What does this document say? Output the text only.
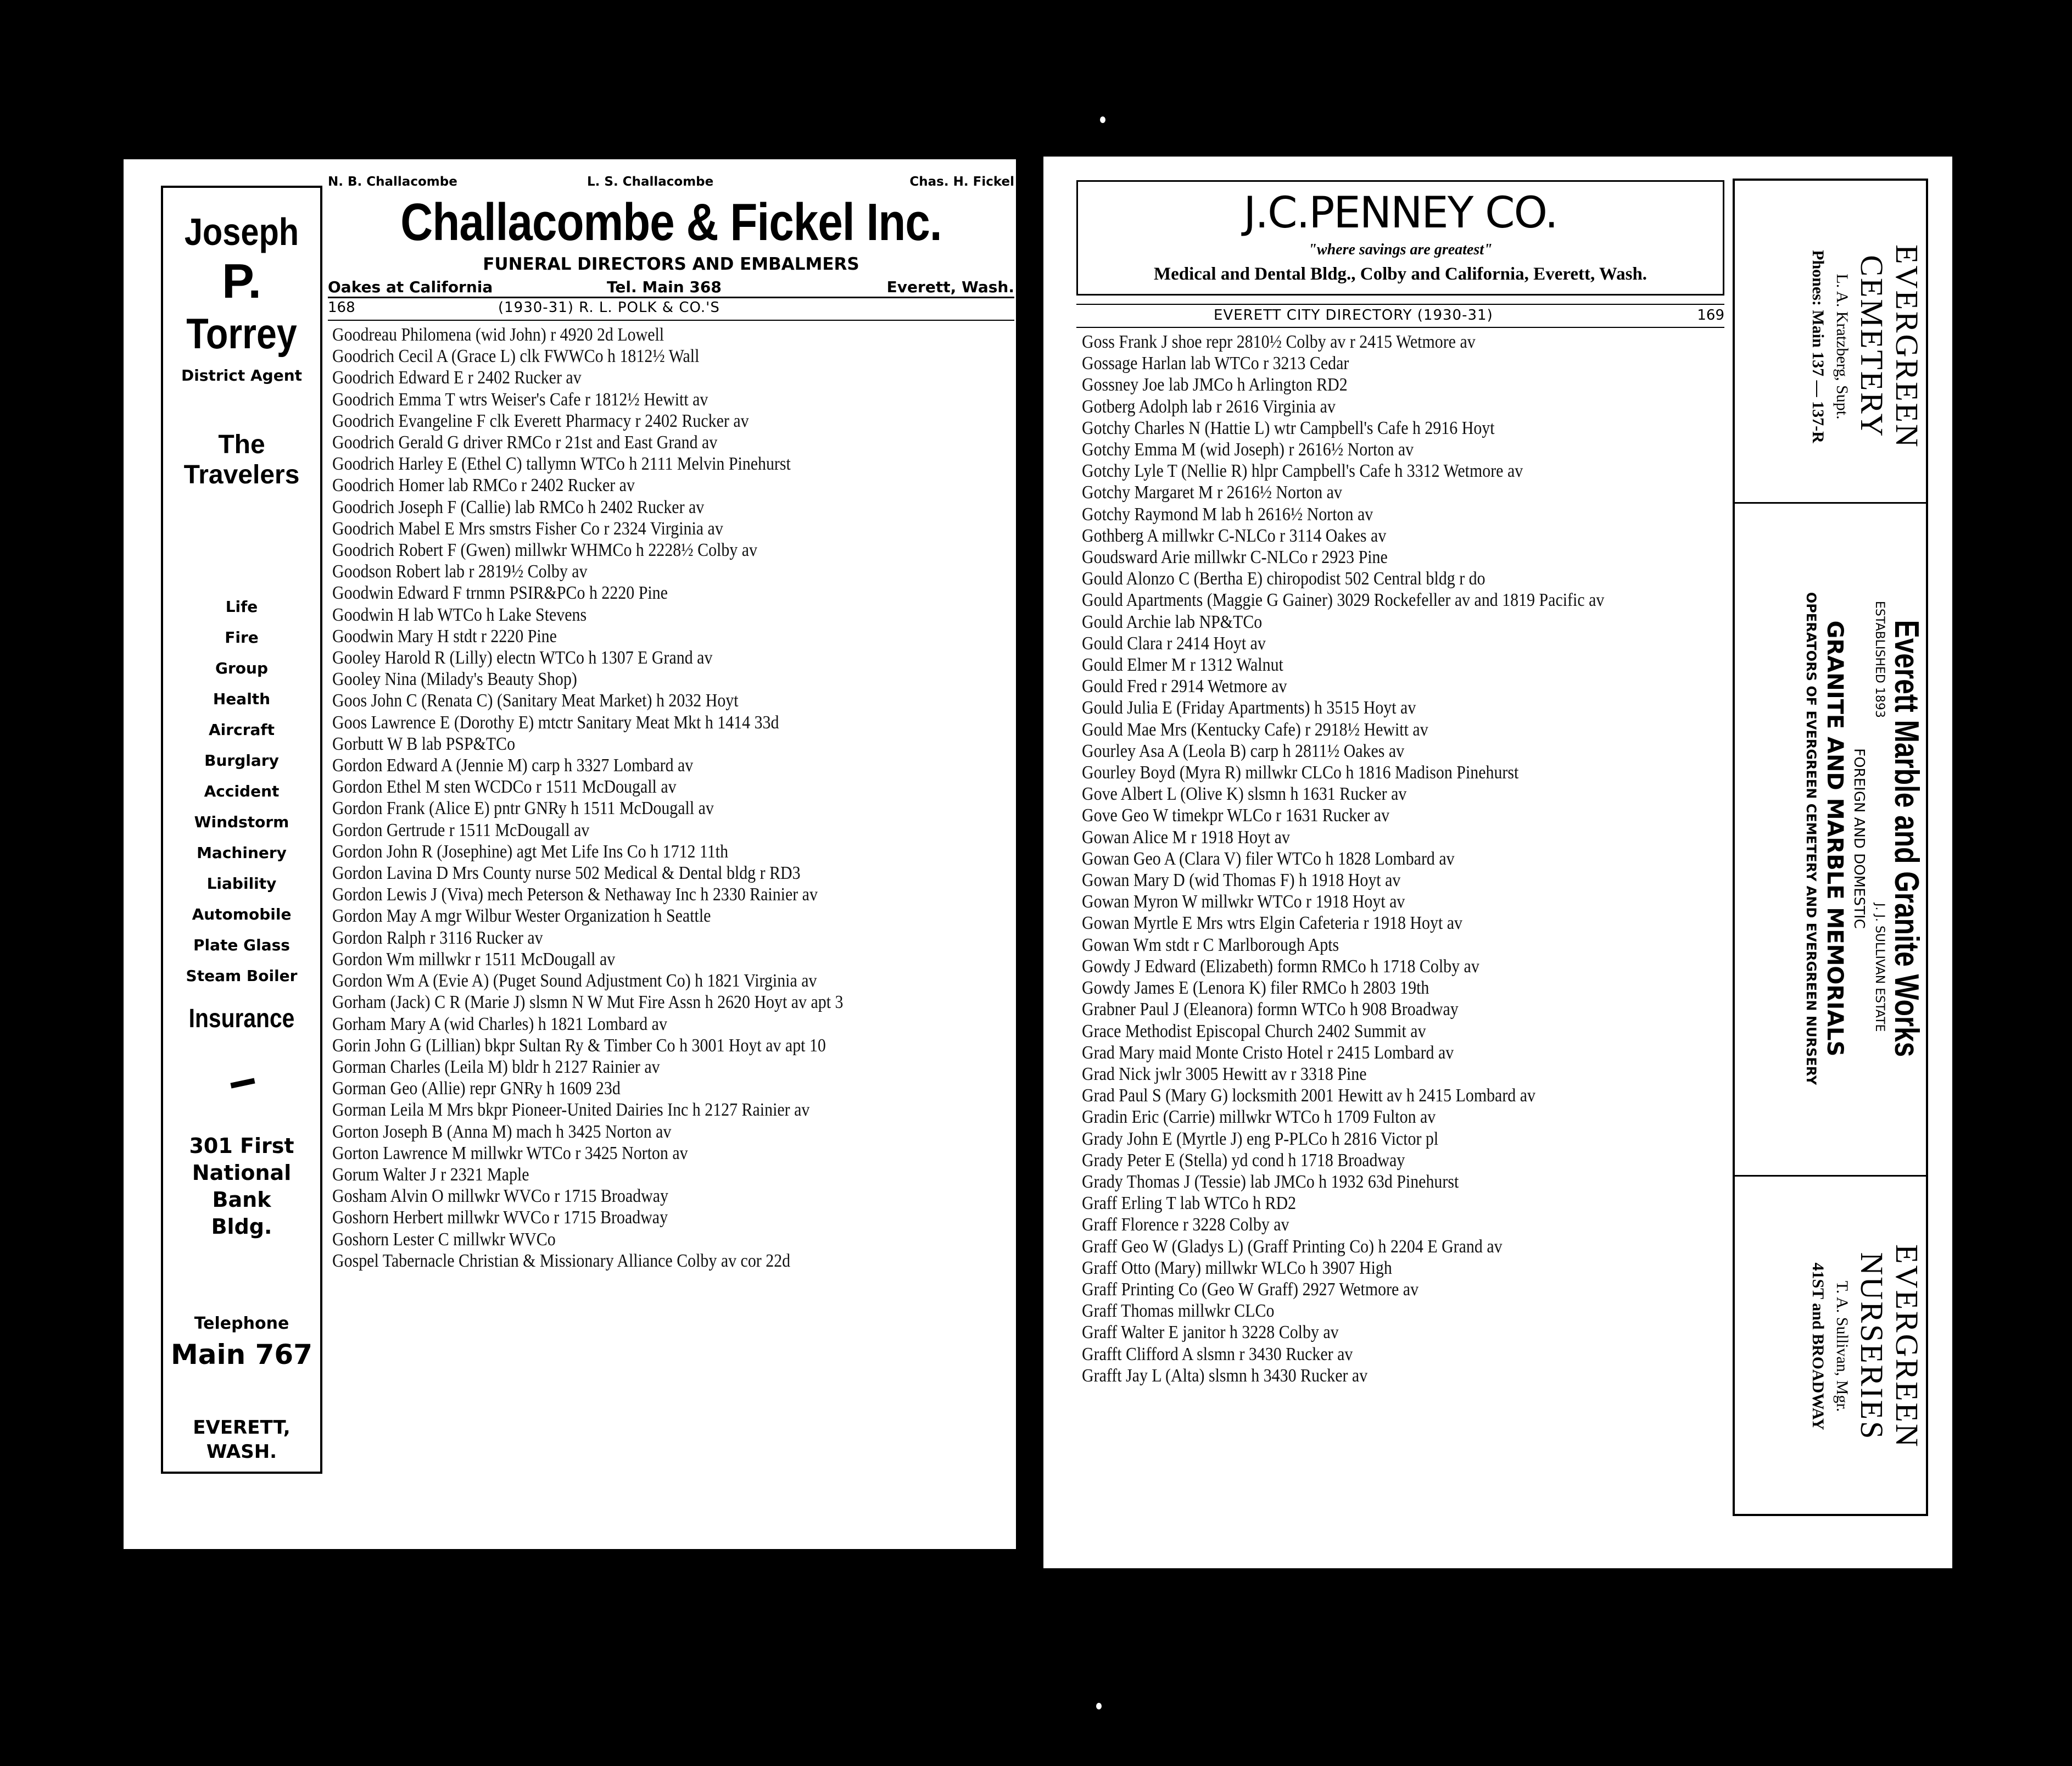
Joseph
P.
Torrey
District Agent
The
Travelers
Life
Fire
Group
Health
Aircraft
Burglary
Accident
Windstorm
Machinery
Liability
Automobile
Plate Glass
Steam Boiler
Insurance
301 First
National
Bank
Bldg.
Telephone
Main 767
EVERETT,
WASH.
N. B. Challacombe	L. S. Challacombe	Chas. H. Fickel
Challacombe & Fickel Inc.
FUNERAL DIRECTORS AND EMBALMERS
Oakes at California	Tel. Main 368	Everett, Wash.
168	(1930-31) R. L. POLK & CO.'S
Goodreau Philomena (wid John) r 4920 2d Lowell
Goodrich Cecil A (Grace L) clk FWWCo h 1812½ Wall
Goodrich Edward E r 2402 Rucker av
Goodrich Emma T wtrs Weiser's Cafe r 1812½ Hewitt av
Goodrich Evangeline F clk Everett Pharmacy r 2402 Rucker av
Goodrich Gerald G driver RMCo r 21st and East Grand av
Goodrich Harley E (Ethel C) tallymn WTCo h 2111 Melvin Pinehurst
Goodrich Homer lab RMCo r 2402 Rucker av
Goodrich Joseph F (Callie) lab RMCo h 2402 Rucker av
Goodrich Mabel E Mrs smstrs Fisher Co r 2324 Virginia av
Goodrich Robert F (Gwen) millwkr WHMCo h 2228½ Colby av
Goodson Robert lab r 2819½ Colby av
Goodwin Edward F trnmn PSIR&PCo h 2220 Pine
Goodwin H lab WTCo h Lake Stevens
Goodwin Mary H stdt r 2220 Pine
Gooley Harold R (Lilly) electn WTCo h 1307 E Grand av
Gooley Nina (Milady's Beauty Shop)
Goos John C (Renata C) (Sanitary Meat Market) h 2032 Hoyt
Goos Lawrence E (Dorothy E) mtctr Sanitary Meat Mkt h 1414 33d
Gorbutt W B lab PSP&TCo
Gordon Edward A (Jennie M) carp h 3327 Lombard av
Gordon Ethel M sten WCDCo r 1511 McDougall av
Gordon Frank (Alice E) pntr GNRy h 1511 McDougall av
Gordon Gertrude r 1511 McDougall av
Gordon John R (Josephine) agt Met Life Ins Co h 1712 11th
Gordon Lavina D Mrs County nurse 502 Medical & Dental bldg r RD3
Gordon Lewis J (Viva) mech Peterson & Nethaway Inc h 2330 Rainier av
Gordon May A mgr Wilbur Wester Organization h Seattle
Gordon Ralph r 3116 Rucker av
Gordon Wm millwkr r 1511 McDougall av
Gordon Wm A (Evie A) (Puget Sound Adjustment Co) h 1821 Virginia av
Gorham (Jack) C R (Marie J) slsmn N W Mut Fire Assn h 2620 Hoyt av apt 3
Gorham Mary A (wid Charles) h 1821 Lombard av
Gorin John G (Lillian) bkpr Sultan Ry & Timber Co h 3001 Hoyt av apt 10
Gorman Charles (Leila M) bldr h 2127 Rainier av
Gorman Geo (Allie) repr GNRy h 1609 23d
Gorman Leila M Mrs bkpr Pioneer-United Dairies Inc h 2127 Rainier av
Gorton Joseph B (Anna M) mach h 3425 Norton av
Gorton Lawrence M millwkr WTCo r 3425 Norton av
Gorum Walter J r 2321 Maple
Gosham Alvin O millwkr WVCo r 1715 Broadway
Goshorn Herbert millwkr WVCo r 1715 Broadway
Goshorn Lester C millwkr WVCo
Gospel Tabernacle Christian & Missionary Alliance Colby av cor 22d
J.C.PENNEY CO.
"where savings are greatest"
Medical and Dental Bldg., Colby and California, Everett, Wash.
EVERETT CITY DIRECTORY (1930-31)	169
Goss Frank J shoe repr 2810½ Colby av r 2415 Wetmore av
Gossage Harlan lab WTCo r 3213 Cedar
Gossney Joe lab JMCo h Arlington RD2
Gotberg Adolph lab r 2616 Virginia av
Gotchy Charles N (Hattie L) wtr Campbell's Cafe h 2916 Hoyt
Gotchy Emma M (wid Joseph) r 2616½ Norton av
Gotchy Lyle T (Nellie R) hlpr Campbell's Cafe h 3312 Wetmore av
Gotchy Margaret M r 2616½ Norton av
Gotchy Raymond M lab h 2616½ Norton av
Gothberg A millwkr C-NLCo r 3114 Oakes av
Goudsward Arie millwkr C-NLCo r 2923 Pine
Gould Alonzo C (Bertha E) chiropodist 502 Central bldg r do
Gould Apartments (Maggie G Gainer) 3029 Rockefeller av and 1819 Pacific av
Gould Archie lab NP&TCo
Gould Clara r 2414 Hoyt av
Gould Elmer M r 1312 Walnut
Gould Fred r 2914 Wetmore av
Gould Julia E (Friday Apartments) h 3515 Hoyt av
Gould Mae Mrs (Kentucky Cafe) r 2918½ Hewitt av
Gourley Asa A (Leola B) carp h 2811½ Oakes av
Gourley Boyd (Myra R) millwkr CLCo h 1816 Madison Pinehurst
Gove Albert L (Olive K) slsmn h 1631 Rucker av
Gove Geo W timekpr WLCo r 1631 Rucker av
Gowan Alice M r 1918 Hoyt av
Gowan Geo A (Clara V) filer WTCo h 1828 Lombard av
Gowan Mary D (wid Thomas F) h 1918 Hoyt av
Gowan Myron W millwkr WTCo r 1918 Hoyt av
Gowan Myrtle E Mrs wtrs Elgin Cafeteria r 1918 Hoyt av
Gowan Wm stdt r C Marlborough Apts
Gowdy J Edward (Elizabeth) formn RMCo h 1718 Colby av
Gowdy James E (Lenora K) filer RMCo h 2803 19th
Grabner Paul J (Eleanora) formn WTCo h 908 Broadway
Grace Methodist Episcopal Church 2402 Summit av
Grad Mary maid Monte Cristo Hotel r 2415 Lombard av
Grad Nick jwlr 3005 Hewitt av r 3318 Pine
Grad Paul S (Mary G) locksmith 2001 Hewitt av h 2415 Lombard av
Gradin Eric (Carrie) millwkr WTCo h 1709 Fulton av
Grady John E (Myrtle J) eng P-PLCo h 2816 Victor pl
Grady Peter E (Stella) yd cond h 1718 Broadway
Grady Thomas J (Tessie) lab JMCo h 1932 63d Pinehurst
Graff Erling T lab WTCo h RD2
Graff Florence r 3228 Colby av
Graff Geo W (Gladys L) (Graff Printing Co) h 2204 E Grand av
Graff Otto (Mary) millwkr WLCo h 3907 High
Graff Printing Co (Geo W Graff) 2927 Wetmore av
Graff Thomas millwkr CLCo
Graff Walter E janitor h 3228 Colby av
Grafft Clifford A slsmn r 3430 Rucker av
Grafft Jay L (Alta) slsmn h 3430 Rucker av
EVERGREEN
CEMETERY
L. A. Kratzberg, Supt.
Phones: Main 137 — 137-R
Everett Marble and Granite Works
ESTABLISHED 1893
J. J. SULLIVAN ESTATE
FOREIGN AND DOMESTIC
GRANITE AND MARBLE MEMORIALS
OPERATORS OF EVERGREEN CEMETERY AND EVERGREEN NURSERY
EVERGREEN
NURSERIES
T. A. Sullivan, Mgr.
41ST and BROADWAY
